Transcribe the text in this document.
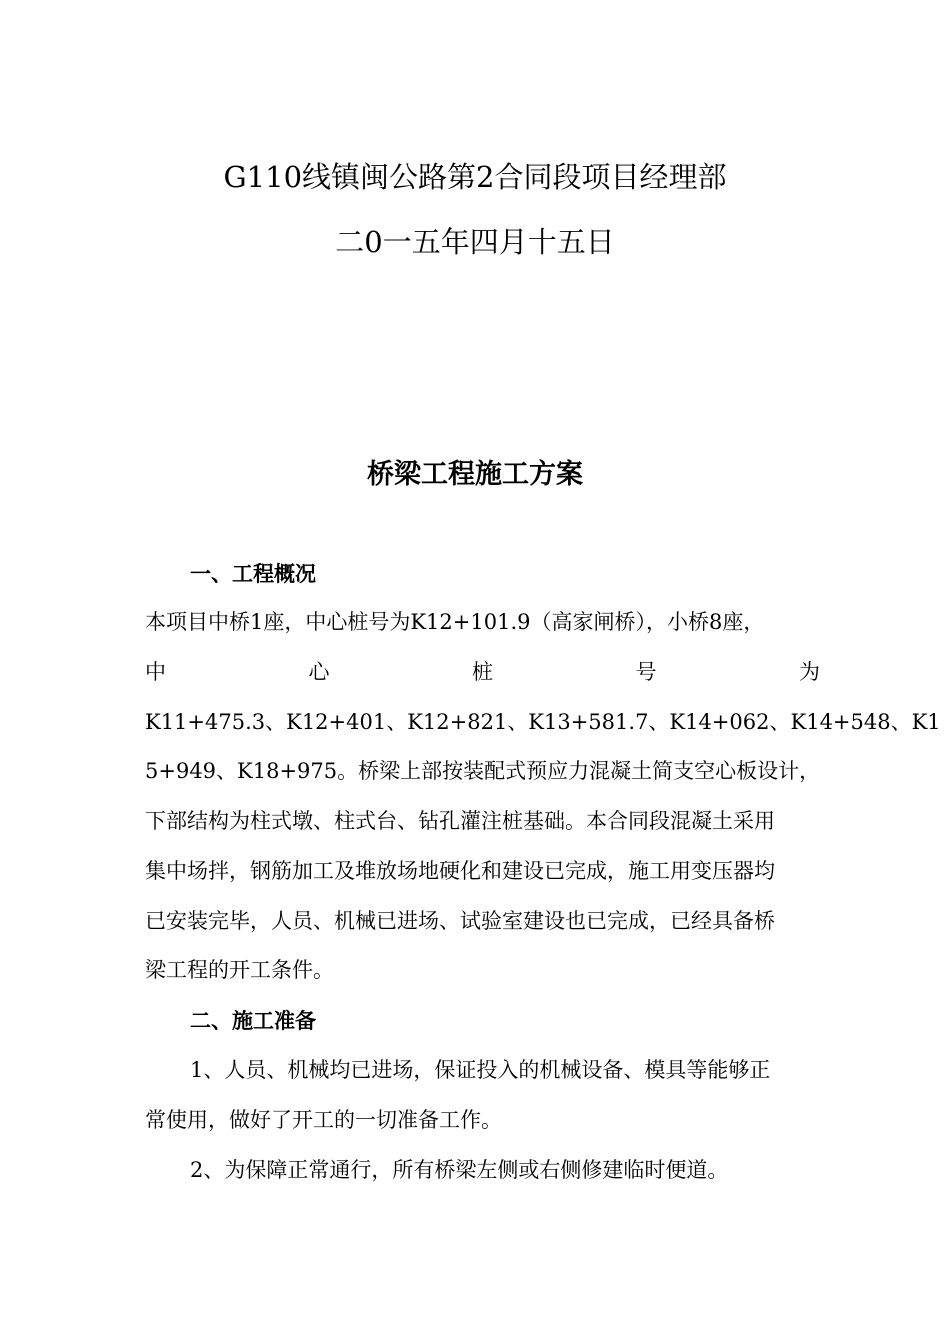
G110线镇闽公路第2合同段项目经理部
二0一五年四月十五日
桥梁工程施工方案
一、工程概况
本项目中桥1座，中心桩号为K12+101.9（高家闸桥），小桥8座，
中	心	桩	号	为
K11+475.3、K12+401、K12+821、K13+581.7、K14+062、K14+548、K1
5+949、K18+975。桥梁上部按装配式预应力混凝土简支空心板设计，
下部结构为柱式墩、柱式台、钻孔灌注桩基础。本合同段混凝土采用
集中场拌，钢筋加工及堆放场地硬化和建设已完成，施工用变压器均
已安装完毕，人员、机械已进场、试验室建设也已完成，已经具备桥
梁工程的开工条件。
二、施工准备
1、人员、机械均已进场，保证投入的机械设备、模具等能够正
常使用，做好了开工的一切准备工作。
2、为保障正常通行，所有桥梁左侧或右侧修建临时便道。
